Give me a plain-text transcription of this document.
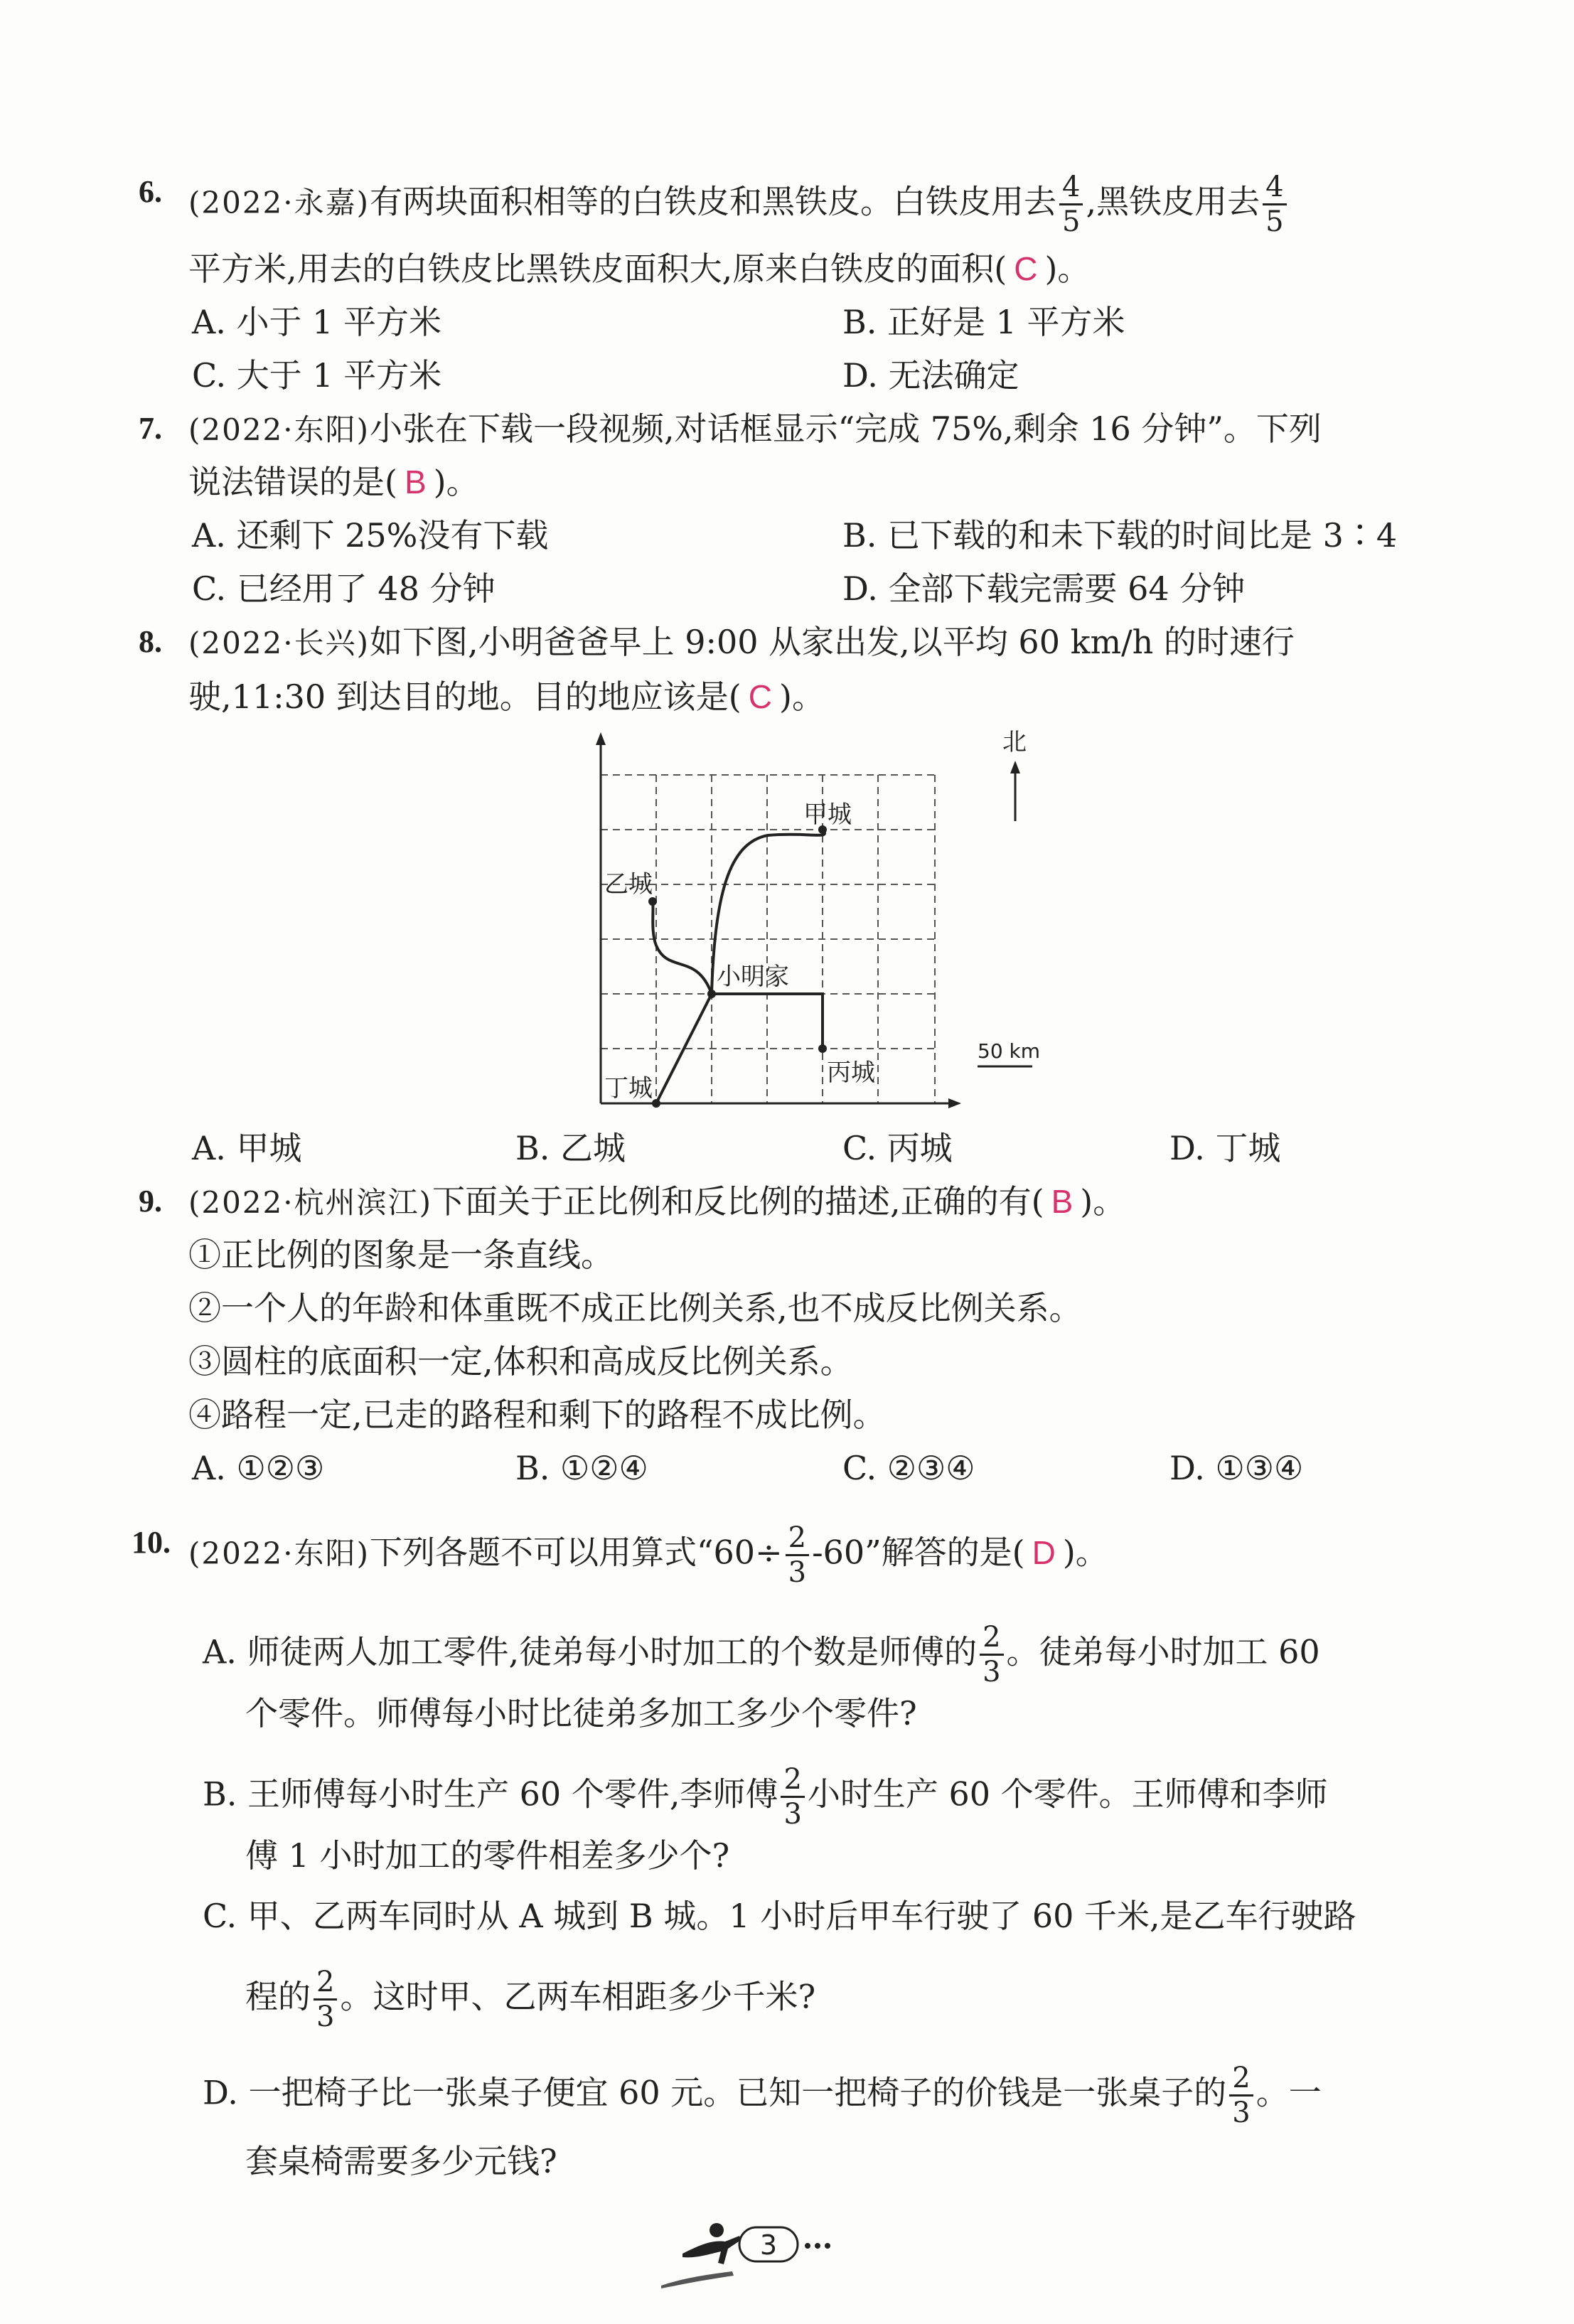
6. (2022·永嘉)有两块面积相等的白铁皮和黑铁皮。白铁皮用去 $\frac{4}{5}$ ,黑铁皮用去 $\frac{4}{5}$
平方米,用去的白铁皮比黑铁皮面积大,原来白铁皮的面积( C )。
A. 小于 1 平方米	B. 正好是 1 平方米
C. 大于 1 平方米	D. 无法确定
7. (2022·东阳)小张在下载一段视频,对话框显示“完成 75%,剩余 16 分钟”。下列
说法错误的是( B )。
A. 还剩下 25%没有下载	B. 已下载的和未下载的时间比是 3∶4
C. 已经用了 48 分钟	D. 全部下载完需要 64 分钟
8. (2022·长兴)如下图,小明爸爸早上 9:00 从家出发,以平均 60 km/h 的时速行
驶,11:30 到达目的地。目的地应该是( C )。
甲城
乙城
小明家
丙城
丁城
北
50 km
A. 甲城	B. 乙城	C. 丙城	D. 丁城
9. (2022·杭州滨江)下面关于正比例和反比例的描述,正确的有( B )。
①正比例的图象是一条直线。
②一个人的年龄和体重既不成正比例关系,也不成反比例关系。
③圆柱的底面积一定,体积和高成反比例关系。
④路程一定,已走的路程和剩下的路程不成比例。
A. ①②③	B. ①②④	C. ②③④	D. ①③④
10. (2022·东阳)下列各题不可以用算式“$60\div \frac{2}{3} -60$”解答的是( D )。
A. 师徒两人加工零件,徒弟每小时加工的个数是师傅的 $\frac{2}{3}$ 。徒弟每小时加工 60
个零件。师傅每小时比徒弟多加工多少个零件?
B. 王师傅每小时生产 60 个零件,李师傅 $\frac{2}{3}$ 小时生产 60 个零件。王师傅和李师
傅 1 小时加工的零件相差多少个?
C. 甲、乙两车同时从 A 城到 B 城。1 小时后甲车行驶了 60 千米,是乙车行驶路
程的 $\frac{2}{3}$ 。这时甲、乙两车相距多少千米?
D. 一把椅子比一张桌子便宜 60 元。已知一把椅子的价钱是一张桌子的 $\frac{2}{3}$ 。一
套桌椅需要多少元钱?
3
